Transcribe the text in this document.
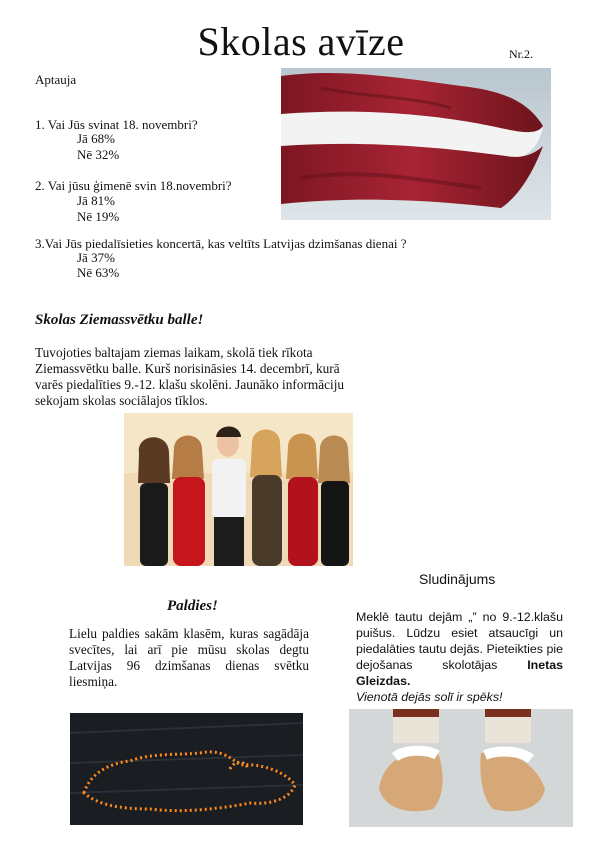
Skolas avīze	Nr.2.
Aptauja
1. Vai Jūs svinat 18. novembri?
Jā 68%
Nē 32%
2. Vai jūsu ģimenē svin 18.novembri?
Jā 81%
Nē 19%
3.Vai Jūs piedalīsieties koncertā, kas veltīts Latvijas dzimšanas dienai ?
Jā 37%
Nē 63%
Skolas Ziemassvētku balle!
Tuvojoties baltajam ziemas laikam, skolā tiek rīkota Ziemassvētku balle. Kurš norisināsies 14. decembrī, kurā varēs piedalīties 9.-12. klašu skolēni. Jaunāko informāciju sekojam skolas sociālajos tīklos.
Paldies!
Lielu paldies sakām klasēm, kuras sagādāja svecītes, lai arī pie mūsu skolas degtu Latvijas 96 dzimšanas dienas svētku liesmiņa.
Sludinājums
Meklē tautu dejām „” no 9.-12.klašu puišus. Lūdzu esiet atsaucīgi un piedalāties tautu dejās. Pieteikties pie dejošanas skolotājas Inetas Gleizdas.
Vienotā dejās solī ir spēks!
